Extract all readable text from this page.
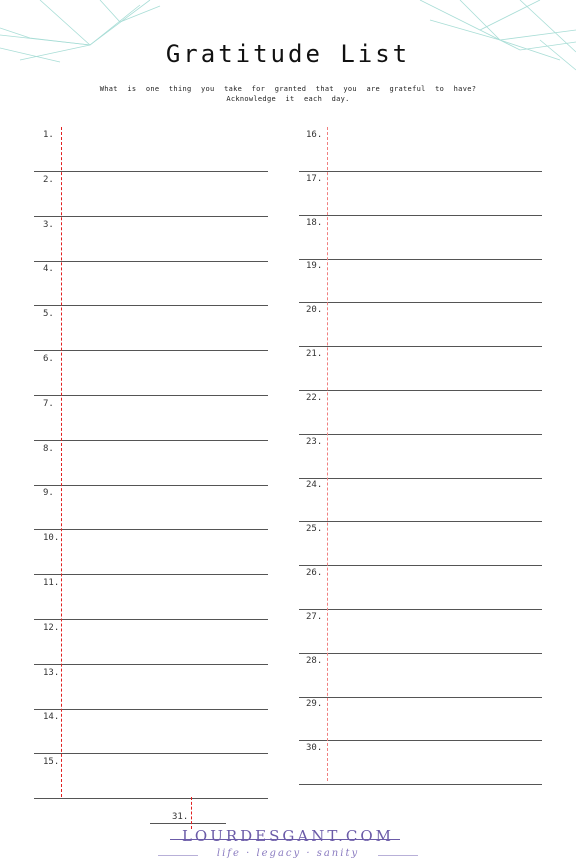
Gratitude List
What is one thing you take for granted that you are grateful to have?
Acknowledge it each day.
1.
2.
3.
4.
5.
6.
7.
8.
9.
10.
11.
12.
13.
14.
15.
16.
17.
18.
19.
20.
21.
22.
23.
24.
25.
26.
27.
28.
29.
30.
31.
LOURDESGANT.COM
life · legacy · sanity
